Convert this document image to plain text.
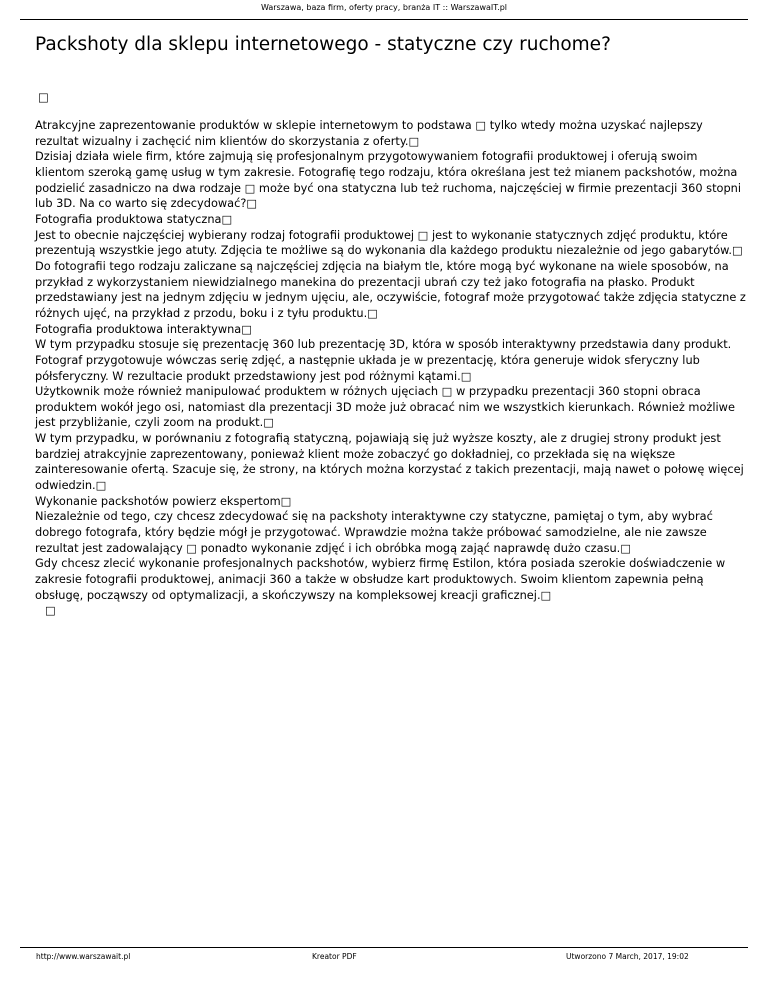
Warszawa, baza firm, oferty pracy, branża IT :: WarszawaIT.pl
Packshoty dla sklepu internetowego - statyczne czy ruchome?
□

Atrakcyjne zaprezentowanie produktów w sklepie internetowym to podstawa □ tylko wtedy można uzyskać najlepszy rezultat wizualny i zachęcić nim klientów do skorzystania z oferty.□

Dzisiaj działa wiele firm, które zajmują się profesjonalnym przygotowywaniem fotografii produktowej i oferują swoim klientom szeroką gamę usług w tym zakresie. Fotografię tego rodzaju, która określana jest też mianem packshotów, można podzielić zasadniczo na dwa rodzaje □ może być ona statyczna lub też ruchoma, najczęściej w firmie prezentacji 360 stopni lub 3D. Na co warto się zdecydować?□

Fotografia produktowa statyczna□

Jest to obecnie najczęściej wybierany rodzaj fotografii produktowej □ jest to wykonanie statycznych zdjęć produktu, które prezentują wszystkie jego atuty. Zdjęcia te możliwe są do wykonania dla każdego produktu niezależnie od jego gabarytów.□

Do fotografii tego rodzaju zaliczane są najczęściej zdjęcia na białym tle, które mogą być wykonane na wiele sposobów, na przykład z wykorzystaniem niewidzialnego manekina do prezentacji ubrań czy też jako fotografia na płasko. Produkt przedstawiany jest na jednym zdjęciu w jednym ujęciu, ale, oczywiście, fotograf może przygotować także zdjęcia statyczne z różnych ujęć, na przykład z przodu, boku i z tyłu produktu.□

Fotografia produktowa interaktywna□

W tym przypadku stosuje się prezentację 360 lub prezentację 3D, która w sposób interaktywny przedstawia dany produkt. Fotograf przygotowuje wówczas serię zdjęć, a następnie układa je w prezentację, która generuje widok sferyczny lub półsferyczny. W rezultacie produkt przedstawiony jest pod różnymi kątami.□

Użytkownik może również manipulować produktem w różnych ujęciach □ w przypadku prezentacji 360 stopni obraca produktem wokół jego osi, natomiast dla prezentacji 3D może już obracać nim we wszystkich kierunkach. Również możliwe jest przybliżanie, czyli zoom na produkt.□

W tym przypadku, w porównaniu z fotografią statyczną, pojawiają się już wyższe koszty, ale z drugiej strony produkt jest bardziej atrakcyjnie zaprezentowany, ponieważ klient może zobaczyć go dokładniej, co przekłada się na większe zainteresowanie ofertą. Szacuje się, że strony, na których można korzystać z takich prezentacji, mają nawet o połowę więcej odwiedzin.□

Wykonanie packshotów powierz ekspertom□

Niezależnie od tego, czy chcesz zdecydować się na packshoty interaktywne czy statyczne, pamiętaj o tym, aby wybrać dobrego fotografa, który będzie mógł je przygotować. Wprawdzie można także próbować samodzielne, ale nie zawsze rezultat jest zadowalający □ ponadto wykonanie zdjęć i ich obróbka mogą zająć naprawdę dużo czasu.□

Gdy chcesz zlecić wykonanie profesjonalnych packshotów, wybierz firmę Estilon, która posiada szerokie doświadczenie w zakresie fotografii produktowej, animacji 360 a także w obsłudze kart produktowych. Swoim klientom zapewnia pełną obsługę, począwszy od optymalizacji, a skończywszy na kompleksowej kreacji graficznej.□

□

http://www.warszawait.pl	Kreator PDF	Utworzono 7 March, 2017, 19:02
